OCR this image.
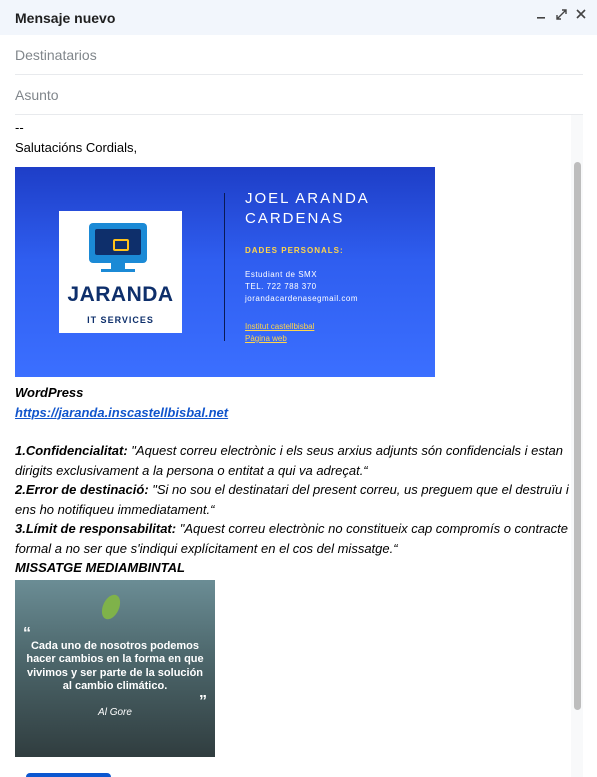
Mensaje nuevo
Destinatarios
Asunto
--
Salutacións Cordials,
JARANDA
IT SERVICES
JOEL ARANDA
CARDENAS
DADES PERSONALS:
Estudiant de SMX
TEL. 722 788 370
jorandacardenasegmail.com
Institut castellbisbal
Pàgina web
WordPress
https://jaranda.inscastellbisbal.net

1.Confidencialitat: "Aquest correu electrònic i els seus arxius adjunts són confidencials i estan dirigits exclusivament a la persona o entitat a qui va adreçat.“

2.Error de destinació: "Si no sou el destinatari del present correu, us preguem que el destruïu i ens ho notifiqueu immediatament.“

3.Límit de responsabilitat: "Aquest correu electrònic no constitueix cap compromís o contracte formal a no ser que s'indiqui explícitament en el cos del missatge.“

MISSATGE MEDIAMBINTAL
“
Cada uno de nosotros podemos hacer cambios en la forma en que vivimos y ser parte de la solución al cambio climático.
”
Al Gore
